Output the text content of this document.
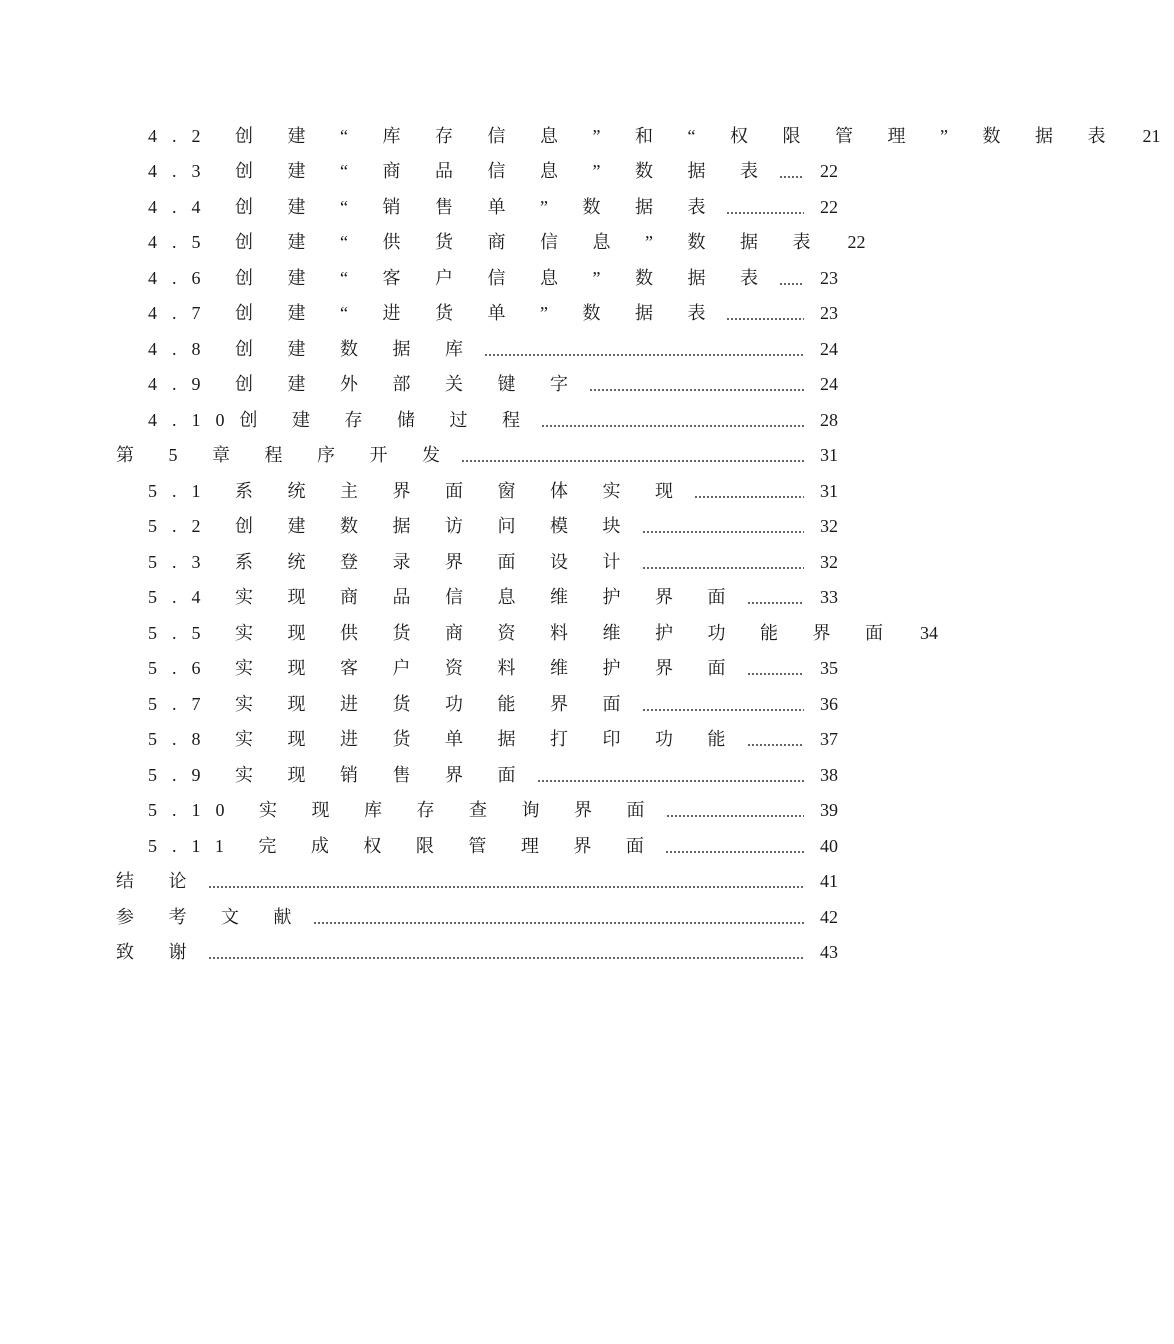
4.2 创 建 “ 库 存 信 息 ” 和 “ 权 限 管 理 ” 数 据 表 21
4.3 创 建 “ 商 品 信 息 ” 数 据 表	22
4.4 创 建 “ 销 售 单 ” 数 据 表	22
4.5 创 建 “ 供 货 商 信 息 ” 数 据 表 22
4.6 创 建 “ 客 户 信 息 ” 数 据 表	23
4.7 创 建 “ 进 货 单 ” 数 据 表	23
4.8 创 建 数 据 库	24
4.9 创 建 外 部 关 键 字	24
4.10创 建 存 储 过 程	28
第 5 章 程 序 开 发	31
5.1 系 统 主 界 面 窗 体 实 现	31
5.2 创 建 数 据 访 问 模 块	32
5.3 系 统 登 录 界 面 设 计	32
5.4 实 现 商 品 信 息 维 护 界 面	33
5.5 实 现 供 货 商 资 料 维 护 功 能 界 面 34
5.6 实 现 客 户 资 料 维 护 界 面	35
5.7 实 现 进 货 功 能 界 面	36
5.8 实 现 进 货 单 据 打 印 功 能	37
5.9 实 现 销 售 界 面	38
5.10 实 现 库 存 查 询 界 面	39
5.11 完 成 权 限 管 理 界 面	40
结 论	41
参 考 文 献	42
致 谢	43
